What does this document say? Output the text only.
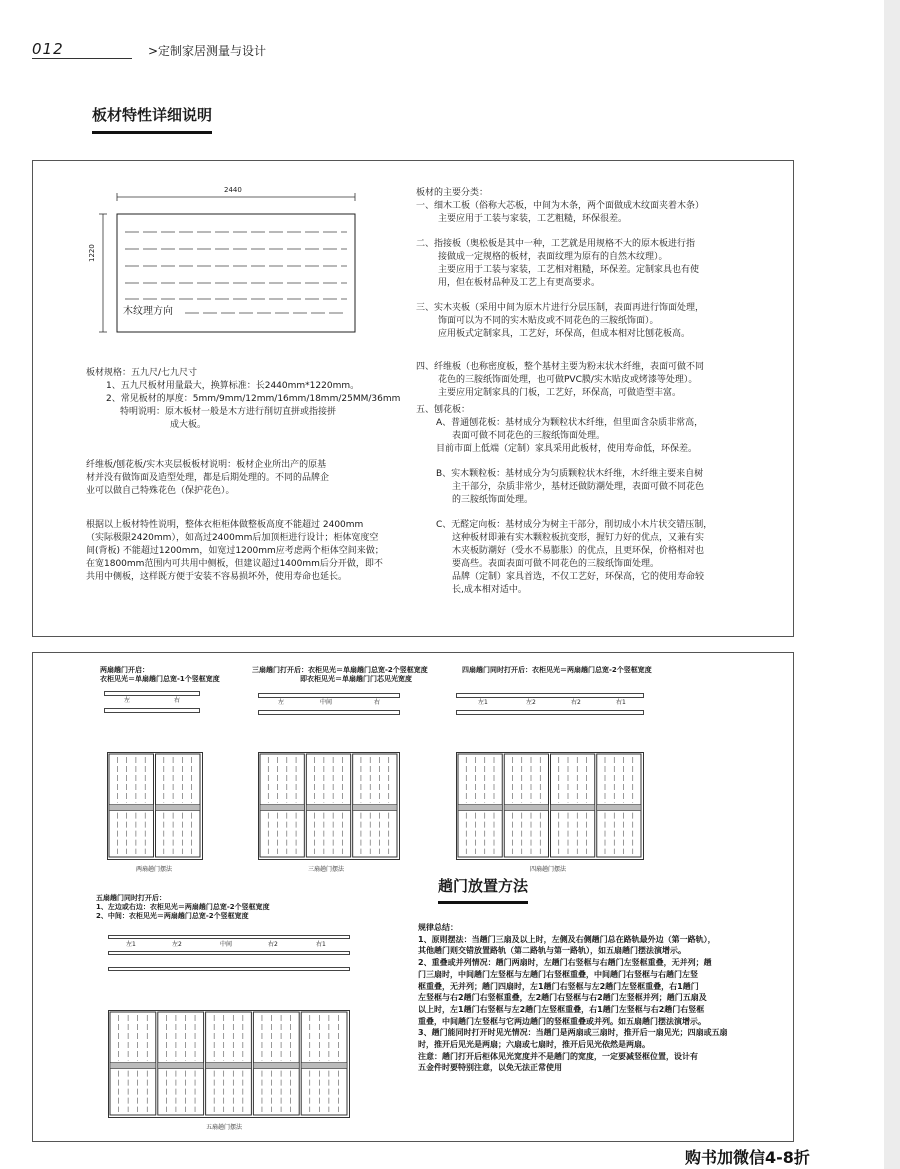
012	>定制家居测量与设计
板材特性详细说明
2440
1220
木纹理方向
板材规格：五九尺/七九尺寸
1、五九尺板材用量最大，换算标准：长2440mm*1220mm。
2、常见板材的厚度：5mm/9mm/12mm/16mm/18mm/25MM/36mm
特明说明：原木板材一般是木方进行削切直拼或指接拼
成大板。
纤维板/刨花板/实木夹层板板材说明：板材企业所出产的原基
材并没有做饰面及造型处理，都是后期处理的。不同的品牌企
业可以做自己特殊花色（保护花色）。
根据以上板材特性说明，整体衣柜柜体做整板高度不能超过 2400mm
（实际极限2420mm），如高过2400mm后加顶柜进行设计；柜体宽度空
间(背板) 不能超过1200mm，如宽过1200mm应考虑两个柜体空间来做；
在宽1800mm范围内可共用中侧板，但建议超过1400mm后分开做，即不
共用中侧板，这样既方便于安装不容易损坏外，使用寿命也延长。
板材的主要分类：
一、细木工板（俗称大芯板，中间为木条，两个面做成木纹面夹着木条）
主要应用于工装与家装，工艺粗糙，环保很差。
二、指接板（奥松板是其中一种，工艺就是用规格不大的原木板进行指
接做成一定规格的板材，表面纹理为原有的自然木纹理）。
主要应用于工装与家装，工艺相对粗糙，环保差。定制家具也有使
用，但在板材品种及工艺上有更高要求。
三、实木夹板（采用中间为原木片进行分层压制，表面再进行饰面处理，
饰面可以为不同的实木贴皮或不同花色的三胺纸饰面）。
应用板式定制家具，工艺好，环保高，但成本相对比刨花板高。
四、纤维板（也称密度板，整个基材主要为粉末状木纤维，表面可做不同
花色的三胺纸饰面处理，也可做PVC膜/实木贴皮或烤漆等处理）。
主要应用定制家具的门板，工艺好，环保高，可做造型丰富。
五、刨花板：
A、普通刨花板：基材成分为颗粒状木纤维，但里面含杂质非常高，
表面可做不同花色的三胺纸饰面处理。
目前市面上低端（定制）家具采用此板材，使用寿命低，环保差。
B、实木颗粒板：基材成分为匀质颗粒状木纤维，木纤维主要来自树
主干部分，杂质非常少，基材还做防潮处理，表面可做不同花色
的三胺纸饰面处理。
C、无醛定向板：基材成分为树主干部分，削切成小木片状交错压制，
这种板材即兼有实木颗粒板抗变形，握钉力好的优点，又兼有实
木夹板防潮好（受水不易膨胀）的优点，且更环保，价格相对也
要高些。表面表面可做不同花色的三胺纸饰面处理。
品牌（定制）家具首选，不仅工艺好，环保高，它的使用寿命较
长,成本相对适中。
两扇趟门开启：
衣柜见光＝单扇趟门总宽-1个竖框宽度
左	右
两扇趟门摆法
三扇趟门打开后：衣柜见光＝单扇趟门总宽-2个竖框宽度
即衣柜见光＝单扇趟门门芯见光宽度
左	中间	右
三扇趟门摆法
四扇趟门同时打开后：衣柜见光＝两扇趟门总宽-2个竖框宽度
左1	左2	右2	右1
四扇趟门摆法
趟门放置方法
五扇趟门同时打开后：
1、左边或右边：衣柜见光＝两扇趟门总宽-2个竖框宽度
2、中间：衣柜见光＝两扇趟门总宽-2个竖框宽度
左1	左2	中间	右2	右1
五扇趟门摆法
规律总结：
1、原则摆法：当趟门三扇及以上时，左侧及右侧趟门总在路轨最外边（第一路轨），
其他趟门则交错放置路轨（第二路轨与第一路轨），如五扇趟门摆法演增示。
2、重叠或并列情况：趟门两扇时，左趟门右竖框与右趟门左竖框重叠，无并列；趟
门三扇时，中间趟门左竖框与左趟门右竖框重叠，中间趟门右竖框与右趟门左竖
框重叠，无并列；趟门四扇时，左1趟门右竖框与左2趟门左竖框重叠，右1趟门
左竖框与右2趟门右竖框重叠，左2趟门右竖框与右2趟门左竖框并列；趟门五扇及
以上时，左1趟门右竖框与左2趟门左竖框重叠，右1趟门左竖框与右2趟门右竖框
重叠，中间趟门左竖框与它两边趟门的竖框重叠或并列。如五扇趟门摆法演增示。
3、趟门能同时打开时见光情况：当趟门是两扇或三扇时，推开后一扇见光；四扇或五扇
时，推开后见光是两扇；六扇或七扇时，推开后见光依然是两扇。
注意：趟门打开后柜体见光宽度并不是趟门的宽度，一定要减竖框位置，设计有
五金件时要特别注意，以免无法正常使用
购书加微信4-8折
